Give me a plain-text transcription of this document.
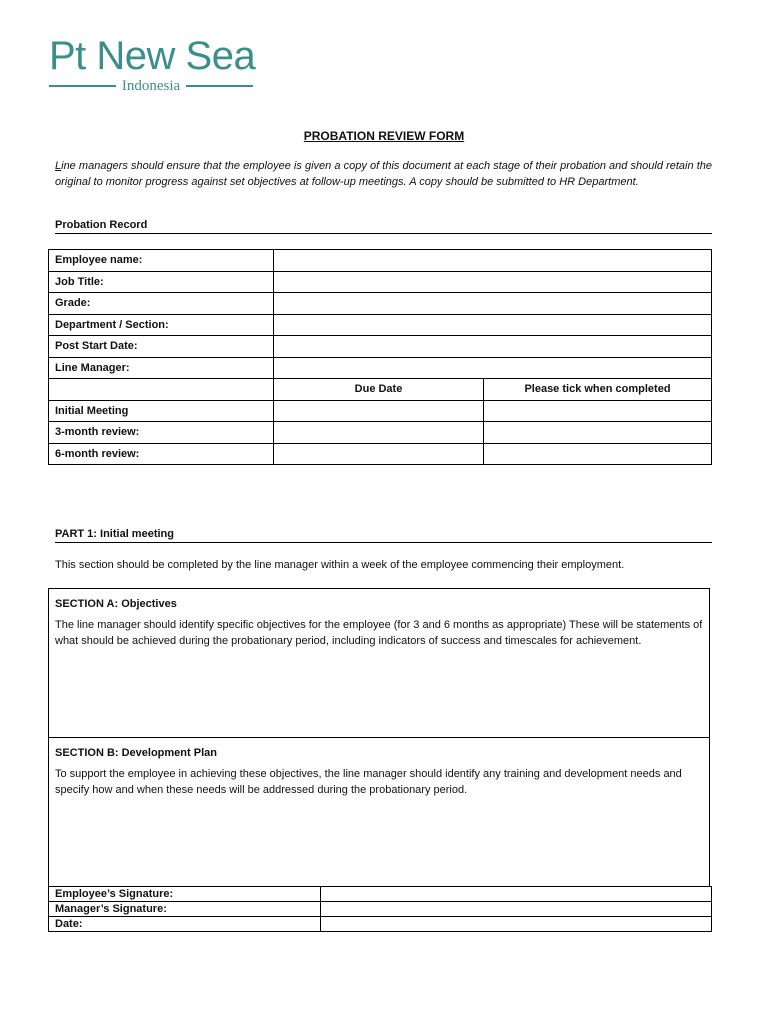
Pt New Sea
Indonesia
PROBATION REVIEW FORM
Line managers should ensure that the employee is given a copy of this document at each stage of their probation and should retain the original to monitor progress against set objectives at follow-up meetings. A copy should be submitted to HR Department.
Probation Record
Employee name:		
Job Title:		
Grade:		
Department / Section:		
Post Start Date:		
Line Manager:		
	Due Date	Please tick when completed
Initial Meeting		
3-month review:		
6-month review:		
PART 1: Initial meeting
This section should be completed by the line manager within a week of the employee commencing their employment.
SECTION A: Objectives
The line manager should identify specific objectives for the employee (for 3 and 6 months as appropriate) These will be statements of what should be achieved during the probationary period, including indicators of success and timescales for achievement.
SECTION B: Development Plan
To support the employee in achieving these objectives, the line manager should identify any training and development needs and specify how and when these needs will be addressed during the probationary period.
Employee’s Signature:	
Manager’s Signature:	
Date:	
